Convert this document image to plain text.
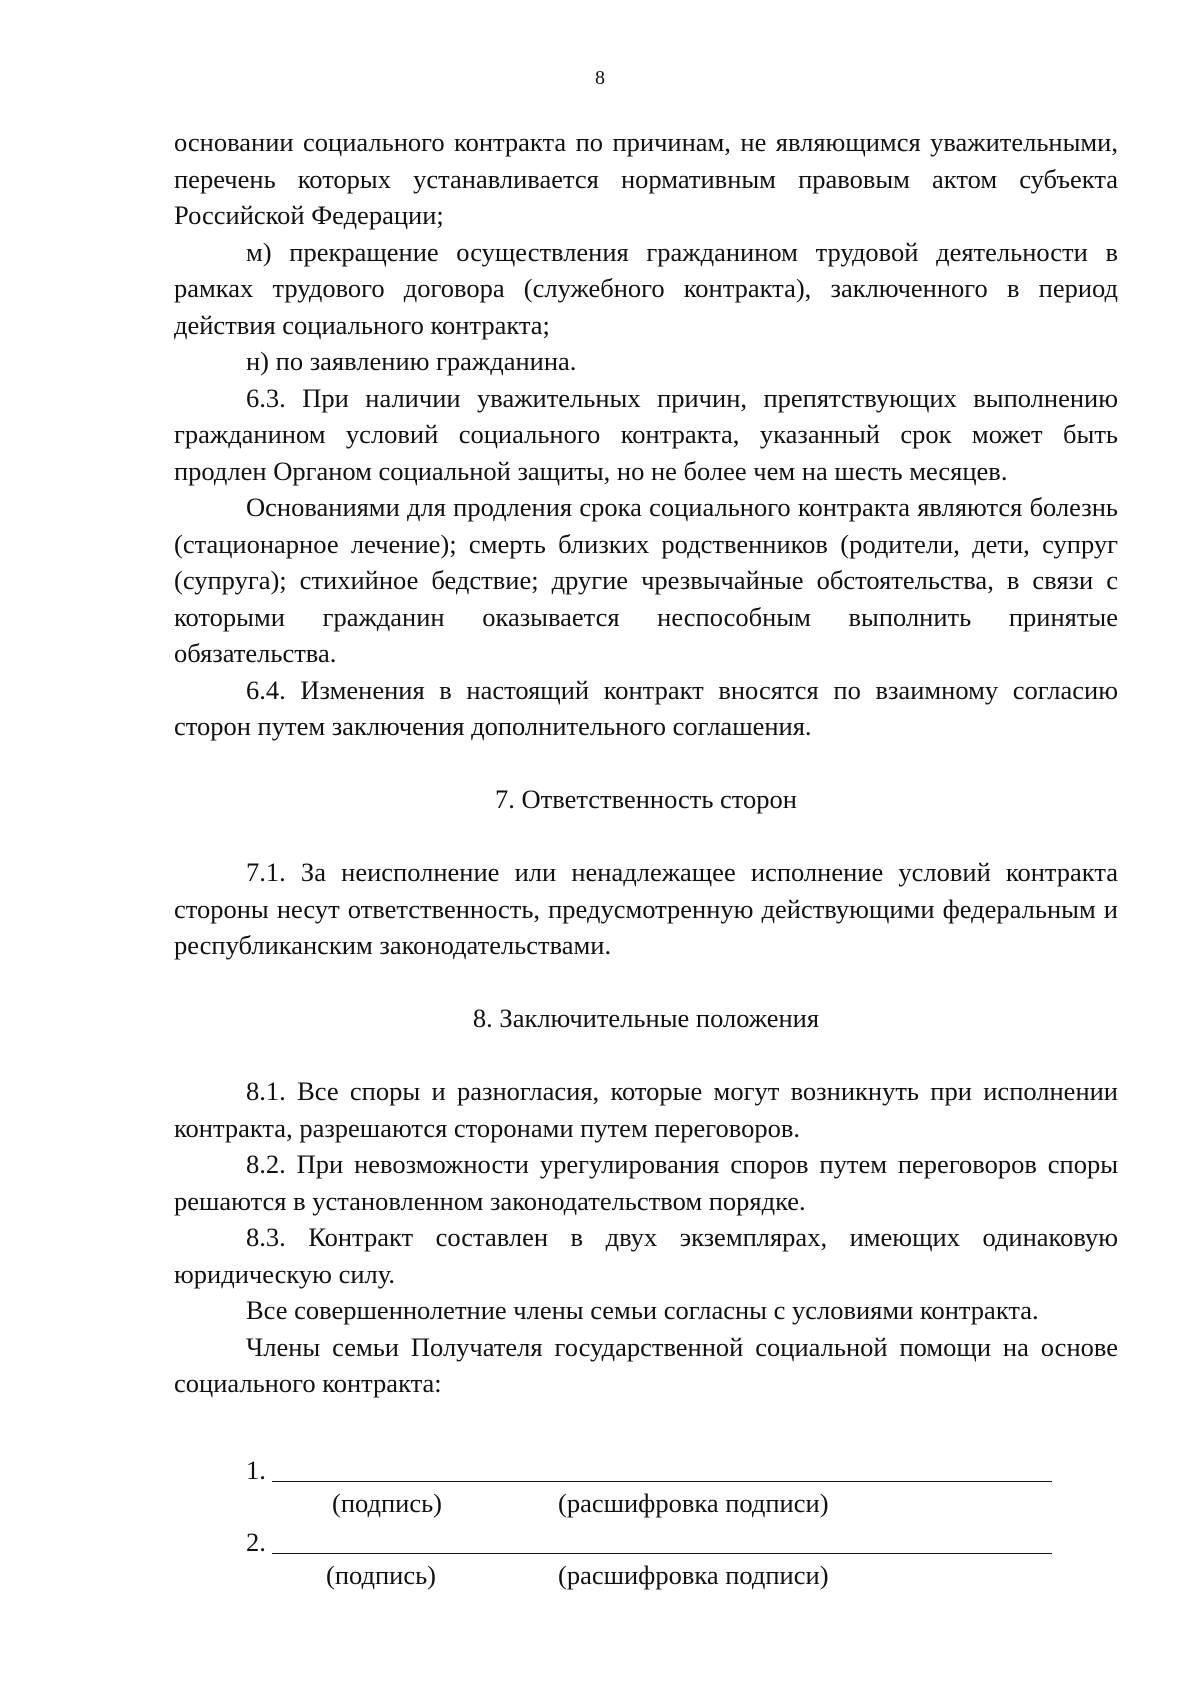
8

основании социального контракта по причинам, не являющимся уважительными, перечень которых устанавливается нормативным правовым актом субъекта Российской Федерации;

м) прекращение осуществления гражданином трудовой деятельности в рамках трудового договора (служебного контракта), заключенного в период действия социального контракта;

н) по заявлению гражданина.

6.3. При наличии уважительных причин, препятствующих выполнению гражданином условий социального контракта, указанный срок может быть продлен Органом социальной защиты, но не более чем на шесть месяцев.

Основаниями для продления срока социального контракта являются болезнь (стационарное лечение); смерть близких родственников (родители, дети, супруг (супруга); стихийное бедствие; другие чрезвычайные обстоятельства, в связи с которыми гражданин оказывается неспособным выполнить принятые обязательства.

6.4. Изменения в настоящий контракт вносятся по взаимному согласию сторон путем заключения дополнительного соглашения.

7. Ответственность сторон

7.1. За неисполнение или ненадлежащее исполнение условий контракта стороны несут ответственность, предусмотренную действующими федеральным и республиканским законодательствами.

8. Заключительные положения

8.1. Все споры и разногласия, которые могут возникнуть при исполнении контракта, разрешаются сторонами путем переговоров.

8.2. При невозможности урегулирования споров путем переговоров споры решаются в установленном законодательством порядке.

8.3. Контракт составлен в двух экземплярах, имеющих одинаковую юридическую силу.

Все совершеннолетние члены семьи согласны с условиями контракта.

Члены семьи Получателя государственной социальной помощи на основе социального контракта:

1.
(подпись)	(расшифровка подписи)
2.
(подпись)	(расшифровка подписи)
